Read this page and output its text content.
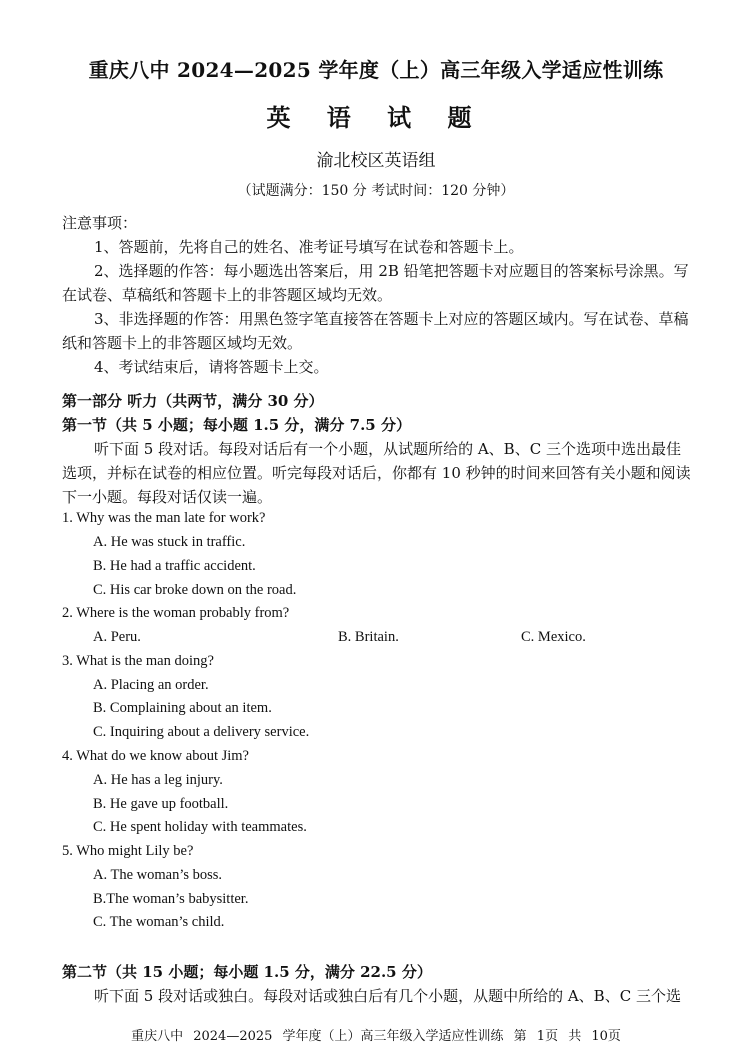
重庆八中 2024—2025 学年度（上）高三年级入学适应性训练
英 语 试 题
渝北校区英语组
（试题满分：150 分 考试时间：120 分钟）
注意事项：
1、答题前，先将自己的姓名、准考证号填写在试卷和答题卡上。
2、选择题的作答：每小题选出答案后，用 2B 铅笔把答题卡对应题目的答案标号涂黑。写
在试卷、草稿纸和答题卡上的非答题区域均无效。
3、非选择题的作答：用黑色签字笔直接答在答题卡上对应的答题区域内。写在试卷、草稿
纸和答题卡上的非答题区域均无效。
4、考试结束后，请将答题卡上交。
第一部分 听力（共两节，满分 30 分）
第一节（共 5 小题；每小题 1.5 分，满分 7.5 分）
听下面 5 段对话。每段对话后有一个小题，从试题所给的 A、B、C 三个选项中选出最佳
选项，并标在试卷的相应位置。听完每段对话后，你都有 10 秒钟的时间来回答有关小题和阅读
下一小题。每段对话仅读一遍。
1. Why was the man late for work?
A. He was stuck in traffic.
B. He had a traffic accident.
C. His car broke down on the road.
2. Where is the woman probably from?
A. Peru.	B. Britain.	C. Mexico.
3. What is the man doing?
A. Placing an order.
B. Complaining about an item.
C. Inquiring about a delivery service.
4. What do we know about Jim?
A. He has a leg injury.
B. He gave up football.
C. He spent holiday with teammates.
5. Who might Lily be?
A. The woman’s boss.
B.The woman’s babysitter.
C. The woman’s child.
第二节（共 15 小题；每小题 1.5 分，满分 22.5 分）
听下面 5 段对话或独白。每段对话或独白后有几个小题，从题中所给的 A、B、C 三个选
重庆八中 2024—2025 学年度（上）高三年级入学适应性训练 第 1页 共 10页
